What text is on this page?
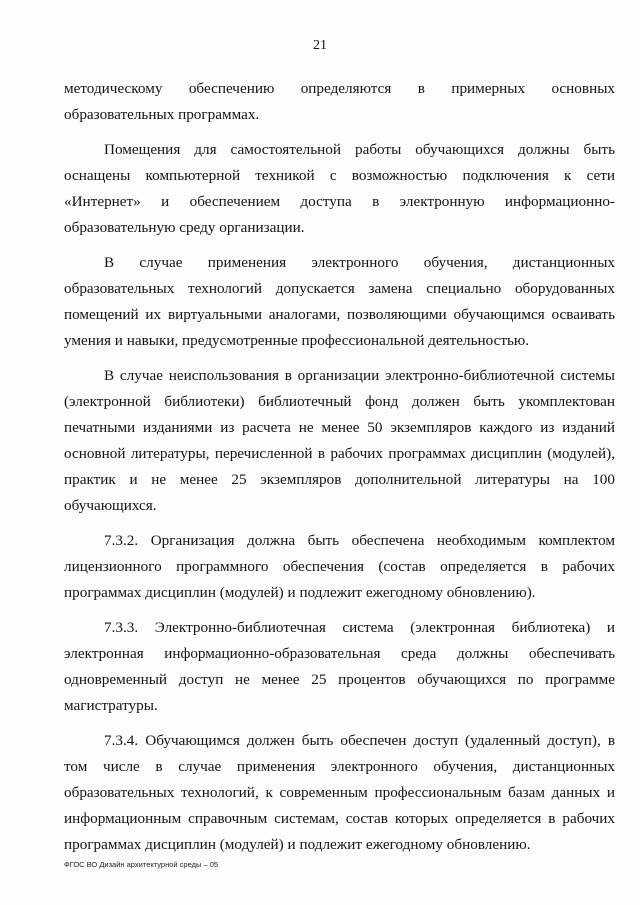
21

методическому обеспечению определяются в примерных основных образовательных программах.

Помещения для самостоятельной работы обучающихся должны быть оснащены компьютерной техникой с возможностью подключения к сети «Интернет» и обеспечением доступа в электронную информационно-образовательную среду организации.

В случае применения электронного обучения, дистанционных образовательных технологий допускается замена специально оборудованных помещений их виртуальными аналогами, позволяющими обучающимся осваивать умения и навыки, предусмотренные профессиональной деятельностью.

В случае неиспользования в организации электронно-библиотечной системы (электронной библиотеки) библиотечный фонд должен быть укомплектован печатными изданиями из расчета не менее 50 экземпляров каждого из изданий основной литературы, перечисленной в рабочих программах дисциплин (модулей), практик и не менее 25 экземпляров дополнительной литературы на 100 обучающихся.

7.3.2. Организация должна быть обеспечена необходимым комплектом лицензионного программного обеспечения (состав определяется в рабочих программах дисциплин (модулей) и подлежит ежегодному обновлению).

7.3.3. Электронно-библиотечная система (электронная библиотека) и электронная информационно-образовательная среда должны обеспечивать одновременный доступ не менее 25 процентов обучающихся по программе магистратуры.

7.3.4. Обучающимся должен быть обеспечен доступ (удаленный доступ), в том числе в случае применения электронного обучения, дистанционных образовательных технологий, к современным профессиональным базам данных и информационным справочным системам, состав которых определяется в рабочих программах дисциплин (модулей) и подлежит ежегодному обновлению.

ФГОС ВО Дизайн архитектурной среды – 05
